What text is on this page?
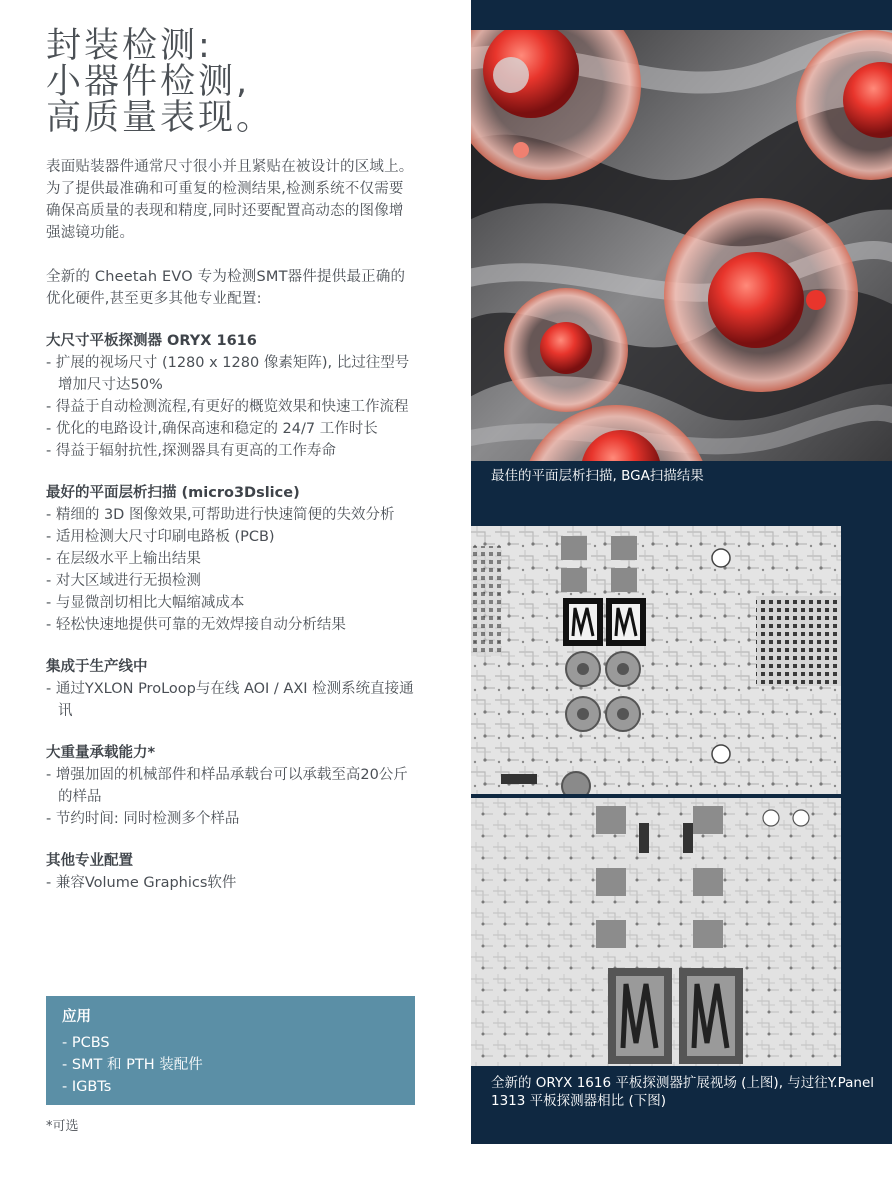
封装检测:
小器件检测,
高质量表现。

表面贴装器件通常尺寸很小并且紧贴在被设计的区域上。为了提供最准确和可重复的检测结果,检测系统不仅需要确保高质量的表现和精度,同时还要配置高动态的图像增强滤镜功能。

全新的 Cheetah EVO 专为检测SMT器件提供最正确的优化硬件,甚至更多其他专业配置:

大尺寸平板探测器 ORYX 1616
- 扩展的视场尺寸 (1280 x 1280 像素矩阵), 比过往型号增加尺寸达50%
- 得益于自动检测流程,有更好的概览效果和快速工作流程
- 优化的电路设计,确保高速和稳定的 24/7 工作时长
- 得益于辐射抗性,探测器具有更高的工作寿命
最好的平面层析扫描 (micro3Dslice)
- 精细的 3D 图像效果,可帮助进行快速简便的失效分析
- 适用检测大尺寸印刷电路板 (PCB)
- 在层级水平上输出结果
- 对大区域进行无损检测
- 与显微剖切相比大幅缩减成本
- 轻松快速地提供可靠的无效焊接自动分析结果
集成于生产线中
- 通过YXLON ProLoop与在线 AOI / AXI 检测系统直接通讯
大重量承载能力*
- 增强加固的机械部件和样品承载台可以承载至高20公斤的样品
- 节约时间: 同时检测多个样品
其他专业配置
- 兼容Volume Graphics软件
应用
- PCBS
- SMT 和 PTH 装配件
- IGBTs
*可选
最佳的平面层析扫描, BGA扫描结果
全新的 ORYX 1616 平板探测器扩展视场 (上图), 与过往Y.Panel 1313 平板探测器相比 (下图)
